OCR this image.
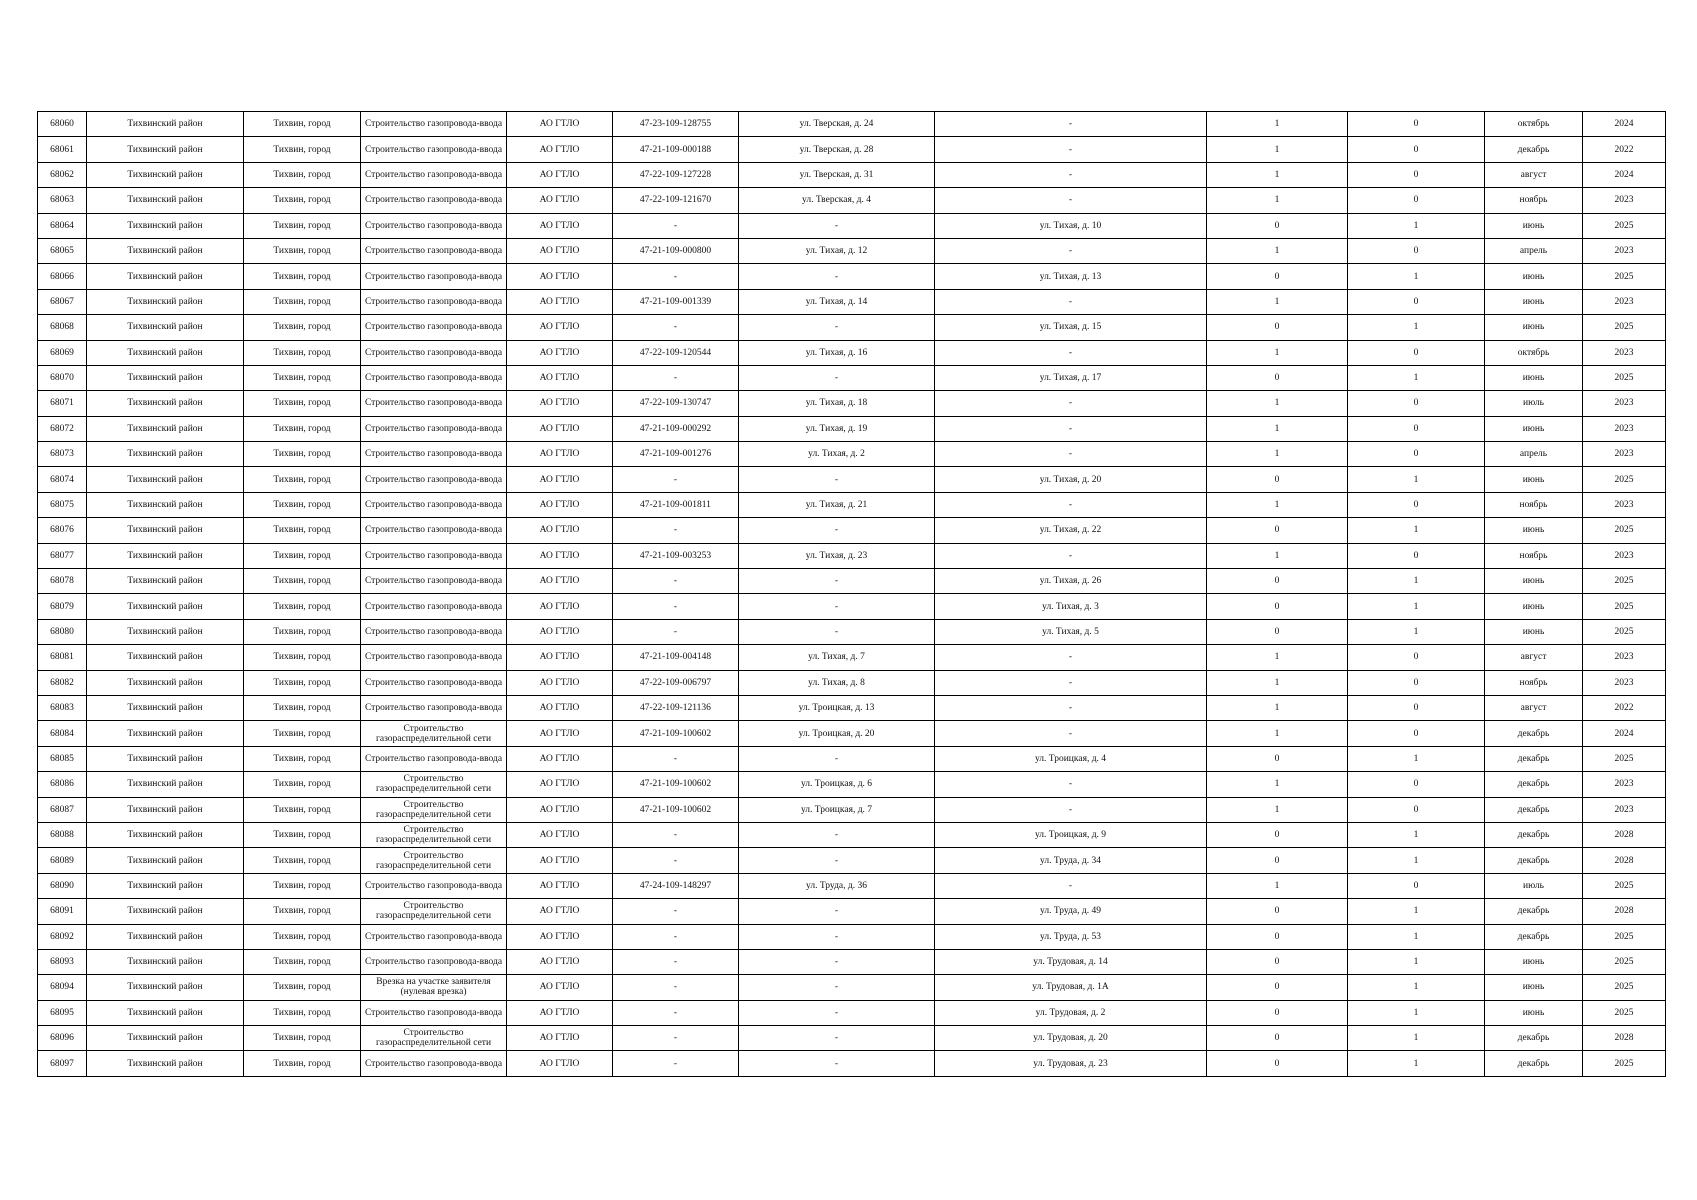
68060	Тихвинский район	Тихвин, город	Строительство газопровода-ввода	АО ГТЛО	47-23-109-128755	ул. Тверская, д. 24	-	1	0	октябрь	2024
68061	Тихвинский район	Тихвин, город	Строительство газопровода-ввода	АО ГТЛО	47-21-109-000188	ул. Тверская, д. 28	-	1	0	декабрь	2022
68062	Тихвинский район	Тихвин, город	Строительство газопровода-ввода	АО ГТЛО	47-22-109-127228	ул. Тверская, д. 31	-	1	0	август	2024
68063	Тихвинский район	Тихвин, город	Строительство газопровода-ввода	АО ГТЛО	47-22-109-121670	ул. Тверская, д. 4	-	1	0	ноябрь	2023
68064	Тихвинский район	Тихвин, город	Строительство газопровода-ввода	АО ГТЛО	-	-	ул. Тихая, д. 10	0	1	июнь	2025
68065	Тихвинский район	Тихвин, город	Строительство газопровода-ввода	АО ГТЛО	47-21-109-000800	ул. Тихая, д. 12	-	1	0	апрель	2023
68066	Тихвинский район	Тихвин, город	Строительство газопровода-ввода	АО ГТЛО	-	-	ул. Тихая, д. 13	0	1	июнь	2025
68067	Тихвинский район	Тихвин, город	Строительство газопровода-ввода	АО ГТЛО	47-21-109-001339	ул. Тихая, д. 14	-	1	0	июнь	2023
68068	Тихвинский район	Тихвин, город	Строительство газопровода-ввода	АО ГТЛО	-	-	ул. Тихая, д. 15	0	1	июнь	2025
68069	Тихвинский район	Тихвин, город	Строительство газопровода-ввода	АО ГТЛО	47-22-109-120544	ул. Тихая, д. 16	-	1	0	октябрь	2023
68070	Тихвинский район	Тихвин, город	Строительство газопровода-ввода	АО ГТЛО	-	-	ул. Тихая, д. 17	0	1	июнь	2025
68071	Тихвинский район	Тихвин, город	Строительство газопровода-ввода	АО ГТЛО	47-22-109-130747	ул. Тихая, д. 18	-	1	0	июль	2023
68072	Тихвинский район	Тихвин, город	Строительство газопровода-ввода	АО ГТЛО	47-21-109-000292	ул. Тихая, д. 19	-	1	0	июнь	2023
68073	Тихвинский район	Тихвин, город	Строительство газопровода-ввода	АО ГТЛО	47-21-109-001276	ул. Тихая, д. 2	-	1	0	апрель	2023
68074	Тихвинский район	Тихвин, город	Строительство газопровода-ввода	АО ГТЛО	-	-	ул. Тихая, д. 20	0	1	июнь	2025
68075	Тихвинский район	Тихвин, город	Строительство газопровода-ввода	АО ГТЛО	47-21-109-001811	ул. Тихая, д. 21	-	1	0	ноябрь	2023
68076	Тихвинский район	Тихвин, город	Строительство газопровода-ввода	АО ГТЛО	-	-	ул. Тихая, д. 22	0	1	июнь	2025
68077	Тихвинский район	Тихвин, город	Строительство газопровода-ввода	АО ГТЛО	47-21-109-003253	ул. Тихая, д. 23	-	1	0	ноябрь	2023
68078	Тихвинский район	Тихвин, город	Строительство газопровода-ввода	АО ГТЛО	-	-	ул. Тихая, д. 26	0	1	июнь	2025
68079	Тихвинский район	Тихвин, город	Строительство газопровода-ввода	АО ГТЛО	-	-	ул. Тихая, д. 3	0	1	июнь	2025
68080	Тихвинский район	Тихвин, город	Строительство газопровода-ввода	АО ГТЛО	-	-	ул. Тихая, д. 5	0	1	июнь	2025
68081	Тихвинский район	Тихвин, город	Строительство газопровода-ввода	АО ГТЛО	47-21-109-004148	ул. Тихая, д. 7	-	1	0	август	2023
68082	Тихвинский район	Тихвин, город	Строительство газопровода-ввода	АО ГТЛО	47-22-109-006797	ул. Тихая, д. 8	-	1	0	ноябрь	2023
68083	Тихвинский район	Тихвин, город	Строительство газопровода-ввода	АО ГТЛО	47-22-109-121136	ул. Троицкая, д. 13	-	1	0	август	2022
68084	Тихвинский район	Тихвин, город	Строительство газораспределительной сети	АО ГТЛО	47-21-109-100602	ул. Троицкая, д. 20	-	1	0	декабрь	2024
68085	Тихвинский район	Тихвин, город	Строительство газопровода-ввода	АО ГТЛО	-	-	ул. Троицкая, д. 4	0	1	декабрь	2025
68086	Тихвинский район	Тихвин, город	Строительство газораспределительной сети	АО ГТЛО	47-21-109-100602	ул. Троицкая, д. 6	-	1	0	декабрь	2023
68087	Тихвинский район	Тихвин, город	Строительство газораспределительной сети	АО ГТЛО	47-21-109-100602	ул. Троицкая, д. 7	-	1	0	декабрь	2023
68088	Тихвинский район	Тихвин, город	Строительство газораспределительной сети	АО ГТЛО	-	-	ул. Троицкая, д. 9	0	1	декабрь	2028
68089	Тихвинский район	Тихвин, город	Строительство газораспределительной сети	АО ГТЛО	-	-	ул. Труда, д. 34	0	1	декабрь	2028
68090	Тихвинский район	Тихвин, город	Строительство газопровода-ввода	АО ГТЛО	47-24-109-148297	ул. Труда, д. 36	-	1	0	июль	2025
68091	Тихвинский район	Тихвин, город	Строительство газораспределительной сети	АО ГТЛО	-	-	ул. Труда, д. 49	0	1	декабрь	2028
68092	Тихвинский район	Тихвин, город	Строительство газопровода-ввода	АО ГТЛО	-	-	ул. Труда, д. 53	0	1	декабрь	2025
68093	Тихвинский район	Тихвин, город	Строительство газопровода-ввода	АО ГТЛО	-	-	ул. Трудовая, д. 14	0	1	июнь	2025
68094	Тихвинский район	Тихвин, город	Врезка на участке заявителя (нулевая врезка)	АО ГТЛО	-	-	ул. Трудовая, д. 1А	0	1	июнь	2025
68095	Тихвинский район	Тихвин, город	Строительство газопровода-ввода	АО ГТЛО	-	-	ул. Трудовая, д. 2	0	1	июнь	2025
68096	Тихвинский район	Тихвин, город	Строительство газораспределительной сети	АО ГТЛО	-	-	ул. Трудовая, д. 20	0	1	декабрь	2028
68097	Тихвинский район	Тихвин, город	Строительство газопровода-ввода	АО ГТЛО	-	-	ул. Трудовая, д. 23	0	1	декабрь	2025
